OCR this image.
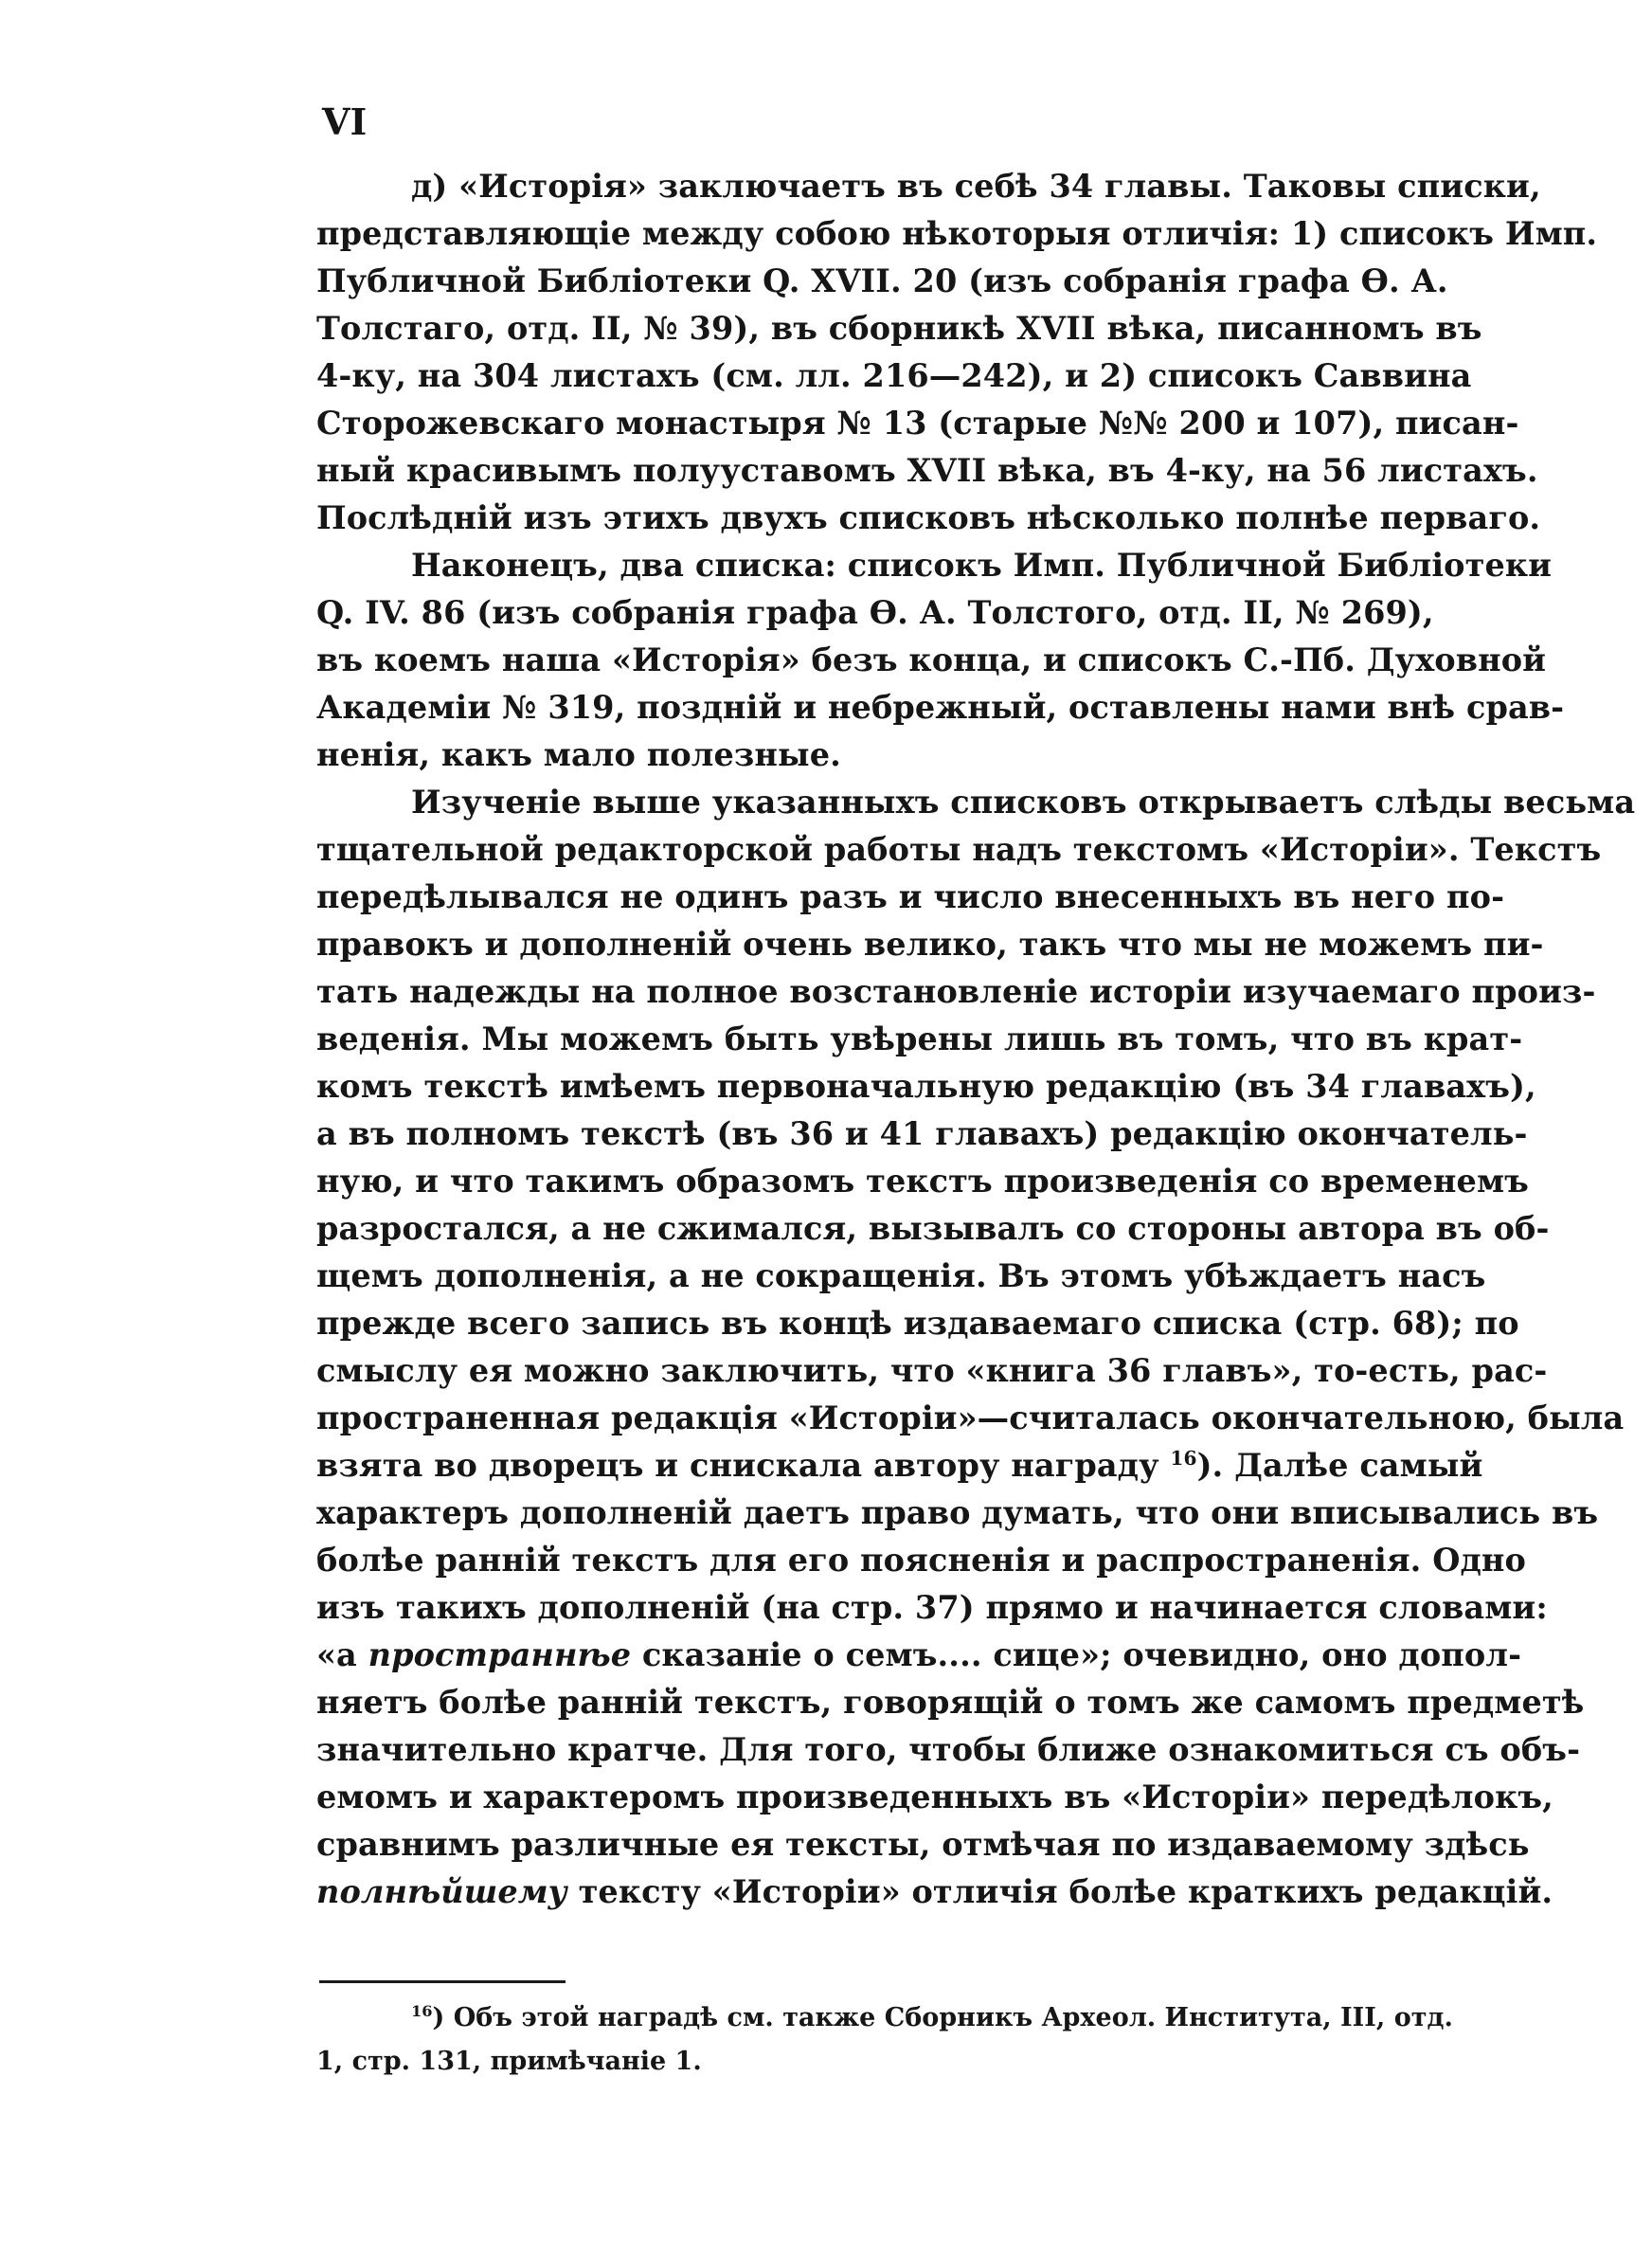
VI
д) «Исторія» заключаетъ въ себѣ 34 главы. Таковы списки,
представляющіе между собою нѣкоторыя отличія: 1) списокъ Имп.
Публичной Библіотеки Q. XVII. 20 (изъ собранія графа Ѳ. А.
Толстаго, отд. II, № 39), въ сборникѣ XVII вѣка, писанномъ въ
4-ку, на 304 листахъ (см. лл. 216—242), и 2) списокъ Саввина
Сторожевскаго монастыря № 13 (старые №№ 200 и 107), писан-
ный красивымъ полууставомъ XVII вѣка, въ 4-ку, на 56 листахъ.
Послѣдній изъ этихъ двухъ списковъ нѣсколько полнѣе перваго.
Наконецъ, два списка: списокъ Имп. Публичной Библіотеки
Q. IV. 86 (изъ собранія графа Ѳ. А. Толстого, отд. II, № 269),
въ коемъ наша «Исторія» безъ конца, и списокъ С.-Пб. Духовной
Академіи № 319, поздній и небрежный, оставлены нами внѣ срав-
ненія, какъ мало полезные.
Изученіе выше указанныхъ списковъ открываетъ слѣды весьма
тщательной редакторской работы надъ текстомъ «Исторіи». Текстъ
передѣлывался не одинъ разъ и число внесенныхъ въ него по-
правокъ и дополненій очень велико, такъ что мы не можемъ пи-
тать надежды на полное возстановленіе исторіи изучаемаго произ-
веденія. Мы можемъ быть увѣрены лишь въ томъ, что въ крат-
комъ текстѣ имѣемъ первоначальную редакцію (въ 34 главахъ),
а въ полномъ текстѣ (въ 36 и 41 главахъ) редакцію окончатель-
ную, и что такимъ образомъ текстъ произведенія со временемъ
разростался, а не сжимался, вызывалъ со стороны автора въ об-
щемъ дополненія, а не сокращенія. Въ этомъ убѣждаетъ насъ
прежде всего запись въ концѣ издаваемаго списка (стр. 68); по
смыслу ея можно заключить, что «книга 36 главъ», то-есть, рас-
пространенная редакція «Исторіи»—считалась окончательною, была
взята во дворецъ и снискала автору награду $^{16}$). Далѣе самый
характеръ дополненій даетъ право думать, что они вписывались въ
болѣе ранній текстъ для его поясненія и распространенія. Одно
изъ такихъ дополненій (на стр. 37) прямо и начинается словами:
«а пространнѣе сказаніе о семъ.... сице»; очевидно, оно допол-
няетъ болѣе ранній текстъ, говорящій о томъ же самомъ предметѣ
значительно кратче. Для того, чтобы ближе ознакомиться съ объ-
емомъ и характеромъ произведенныхъ въ «Исторіи» передѣлокъ,
сравнимъ различные ея тексты, отмѣчая по издаваемому здѣсь
полнѣйшему тексту «Исторіи» отличія болѣе краткихъ редакцій.
$^{16}$) Объ этой наградѣ см. также Сборникъ Археол. Института, III, отд.
1, стр. 131, примѣчаніе 1.
